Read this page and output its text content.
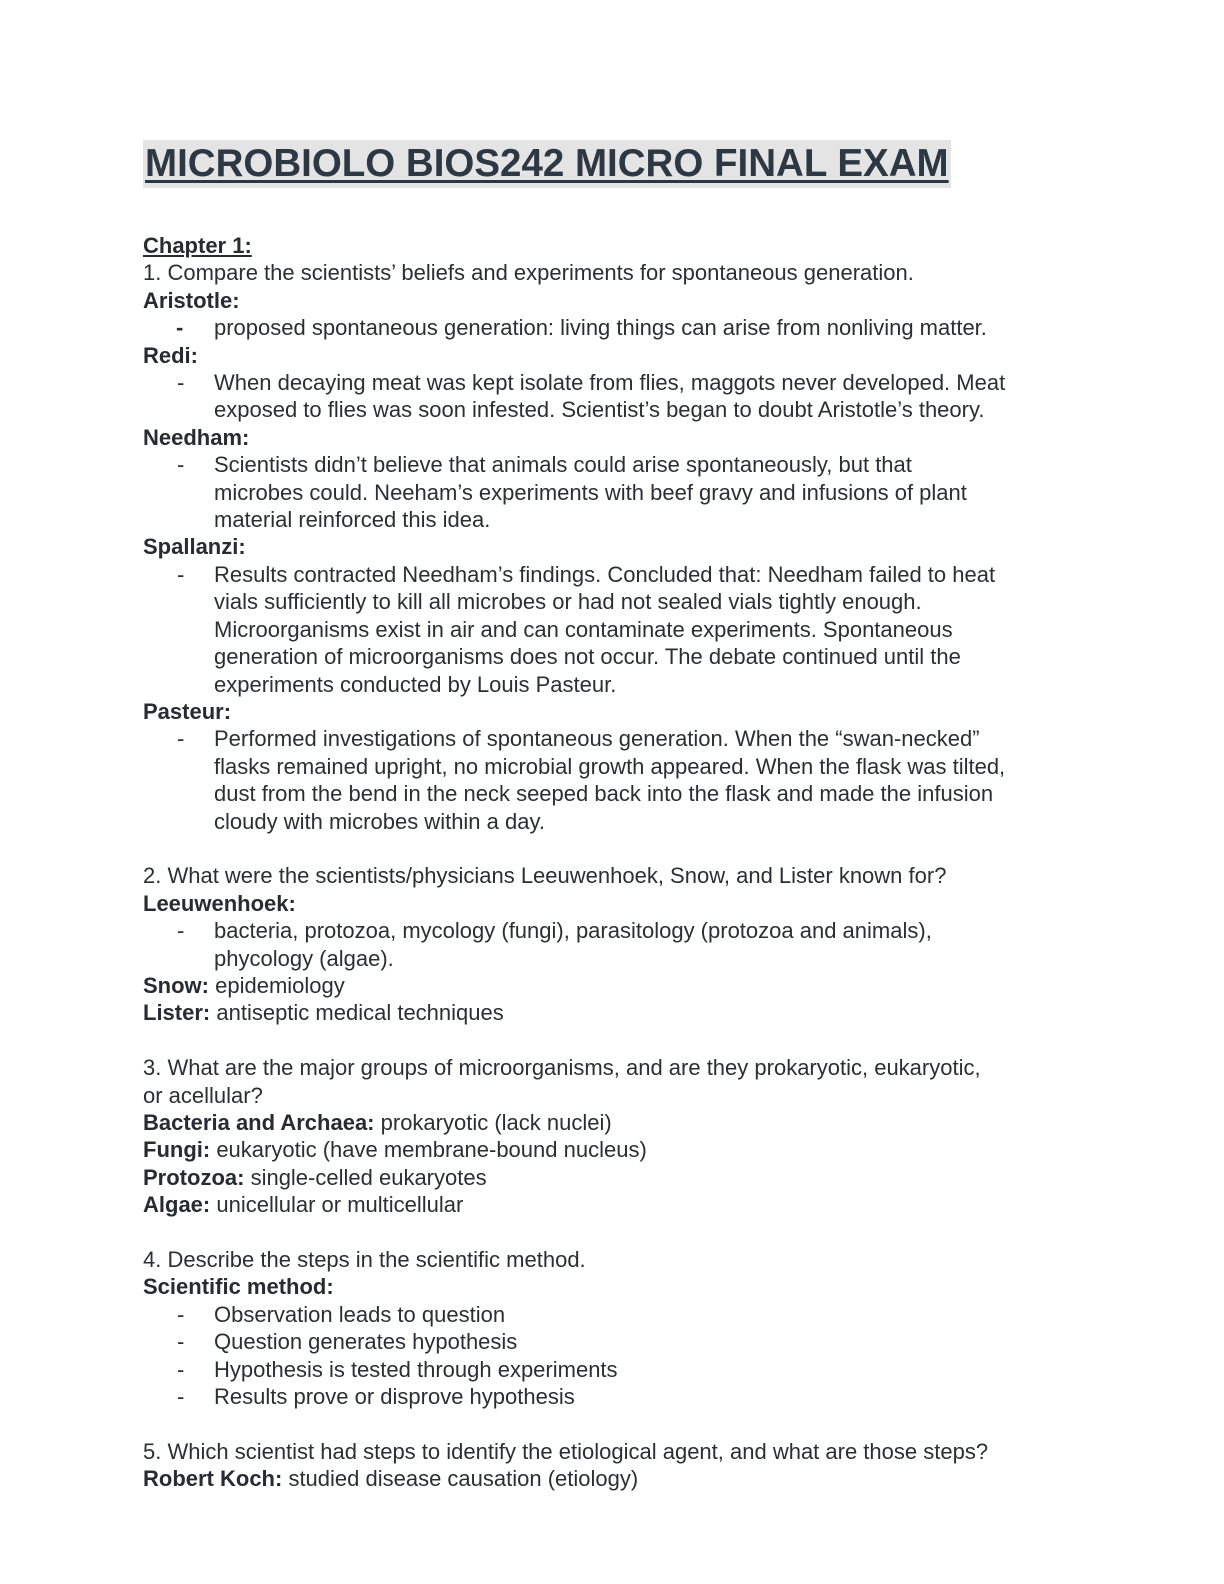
MICROBIOLO BIOS242 MICRO FINAL EXAM

Chapter 1:

1. Compare the scientists’ beliefs and experiments for spontaneous generation.

Aristotle:

- proposed spontaneous generation: living things can arise from nonliving matter.

Redi:

- When decaying meat was kept isolate from flies, maggots never developed. Meat
exposed to flies was soon infested. Scientist’s began to doubt Aristotle’s theory.

Needham:

- Scientists didn’t believe that animals could arise spontaneously, but that
microbes could. Neeham’s experiments with beef gravy and infusions of plant
material reinforced this idea.

Spallanzi:

- Results contracted Needham’s findings. Concluded that: Needham failed to heat
vials sufficiently to kill all microbes or had not sealed vials tightly enough.
Microorganisms exist in air and can contaminate experiments. Spontaneous
generation of microorganisms does not occur. The debate continued until the
experiments conducted by Louis Pasteur.

Pasteur:

- Performed investigations of spontaneous generation. When the “swan-necked”
flasks remained upright, no microbial growth appeared. When the flask was tilted,
dust from the bend in the neck seeped back into the flask and made the infusion
cloudy with microbes within a day.

2. What were the scientists/physicians Leeuwenhoek, Snow, and Lister known for?

Leeuwenhoek:

- bacteria, protozoa, mycology (fungi), parasitology (protozoa and animals),
phycology (algae).

Snow: epidemiology

Lister: antiseptic medical techniques

3. What are the major groups of microorganisms, and are they prokaryotic, eukaryotic,

or acellular?

Bacteria and Archaea: prokaryotic (lack nuclei)

Fungi: eukaryotic (have membrane-bound nucleus)

Protozoa: single-celled eukaryotes

Algae: unicellular or multicellular

4. Describe the steps in the scientific method.

Scientific method:

- Observation leads to question
- Question generates hypothesis
- Hypothesis is tested through experiments
- Results prove or disprove hypothesis

5. Which scientist had steps to identify the etiological agent, and what are those steps?

Robert Koch: studied disease causation (etiology)
